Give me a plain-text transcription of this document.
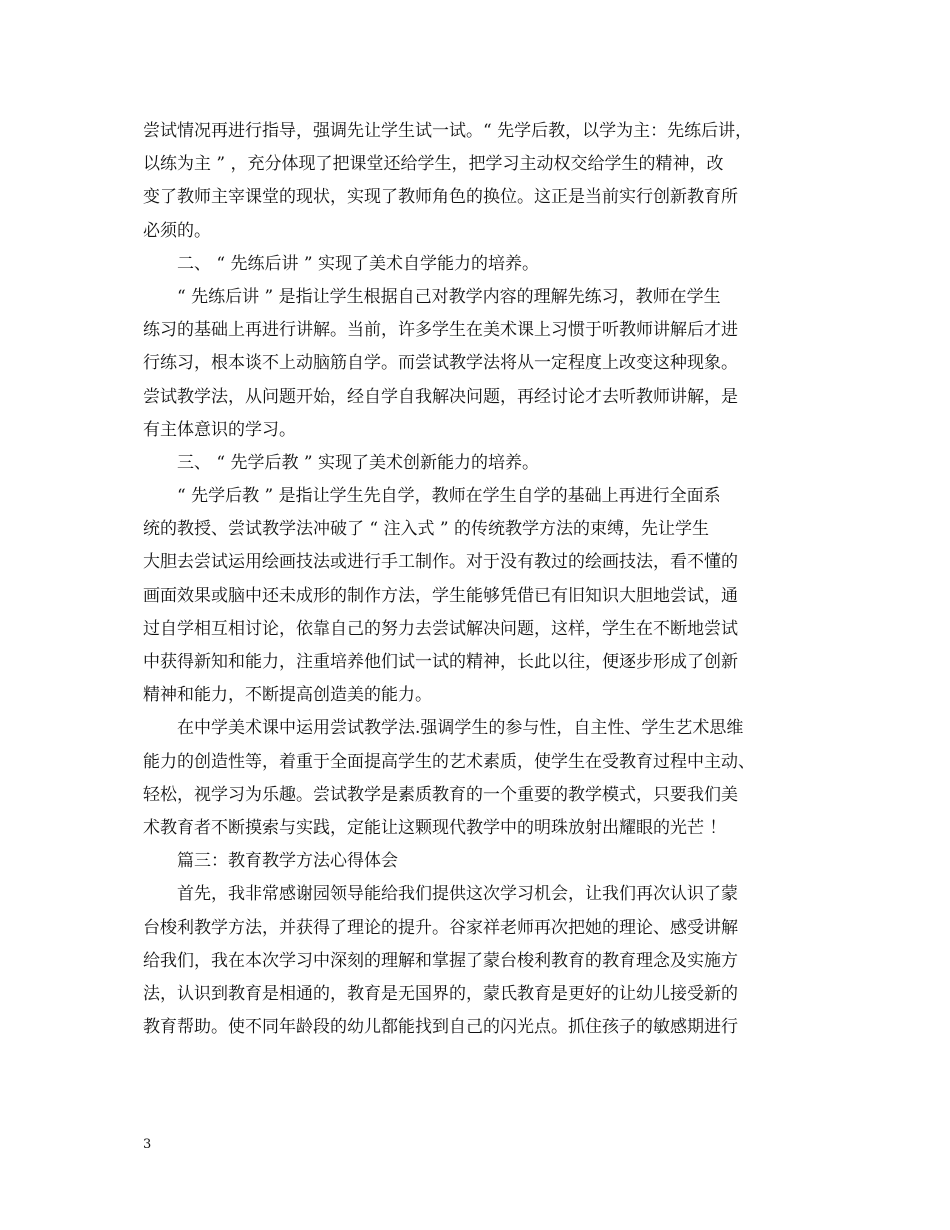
尝试情况再进行指导，强调先让学生试一试。“ 先学后教，以学为主：先练后讲，
以练为主 ” ，充分体现了把课堂还给学生，把学习主动权交给学生的精神，改
变了教师主宰课堂的现状，实现了教师角色的换位。这正是当前实行创新教育所
必须的。
二、 “ 先练后讲 ” 实现了美术自学能力的培养。
“ 先练后讲 ” 是指让学生根据自己对教学内容的理解先练习，教师在学生
练习的基础上再进行讲解。当前，许多学生在美术课上习惯于听教师讲解后才进
行练习，根本谈不上动脑筋自学。而尝试教学法将从一定程度上改变这种现象。
尝试教学法，从问题开始，经自学自我解决问题，再经讨论才去听教师讲解，是
有主体意识的学习。
三、 “ 先学后教 ” 实现了美术创新能力的培养。
“ 先学后教 ” 是指让学生先自学，教师在学生自学的基础上再进行全面系
统的教授、尝试教学法冲破了 “ 注入式 ” 的传统教学方法的束缚，先让学生
大胆去尝试运用绘画技法或进行手工制作。对于没有教过的绘画技法，看不懂的
画面效果或脑中还未成形的制作方法，学生能够凭借已有旧知识大胆地尝试，通
过自学相互相讨论，依靠自己的努力去尝试解决问题，这样，学生在不断地尝试
中获得新知和能力，注重培养他们试一试的精神，长此以往，便逐步形成了创新
精神和能力，不断提高创造美的能力。
在中学美术课中运用尝试教学法.强调学生的参与性，自主性、学生艺术思维
能力的创造性等，着重于全面提高学生的艺术素质，使学生在受教育过程中主动、
轻松，视学习为乐趣。尝试教学是素质教育的一个重要的教学模式，只要我们美
术教育者不断摸索与实践，定能让这颗现代教学中的明珠放射出耀眼的光芒 ！
篇三：教育教学方法心得体会
首先，我非常感谢园领导能给我们提供这次学习机会，让我们再次认识了蒙
台梭利教学方法，并获得了理论的提升。谷家祥老师再次把她的理论、感受讲解
给我们，我在本次学习中深刻的理解和掌握了蒙台梭利教育的教育理念及实施方
法，认识到教育是相通的，教育是无国界的，蒙氏教育是更好的让幼儿接受新的
教育帮助。使不同年龄段的幼儿都能找到自己的闪光点。抓住孩子的敏感期进行
3
